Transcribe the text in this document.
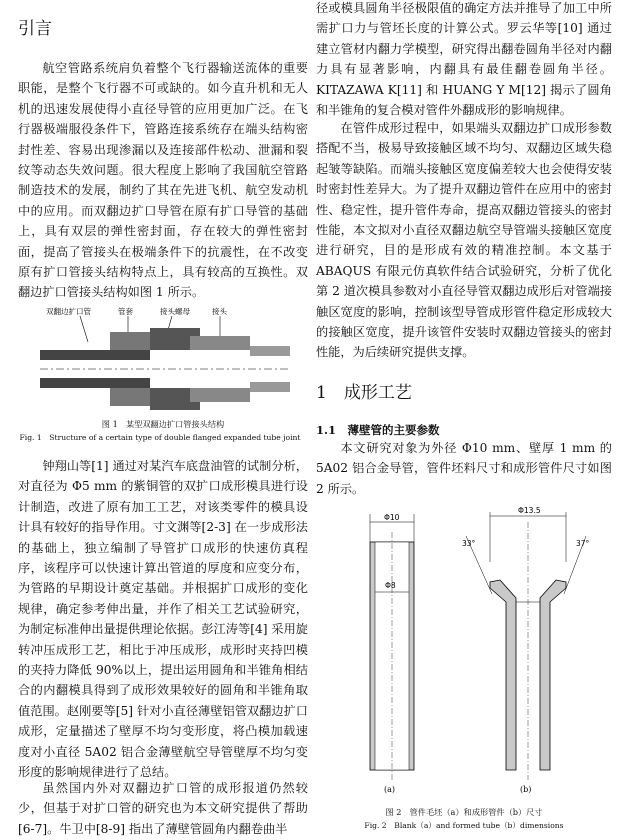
引言

航空管路系统肩负着整个飞行器输送流体的重要职能，是整个飞行器不可或缺的。如今直升机和无人机的迅速发展使得小直径导管的应用更加广泛。在飞行器极端服役条件下，管路连接系统存在端头结构密封性差、容易出现渗漏以及连接部件松动、泄漏和裂纹等动态失效问题。很大程度上影响了我国航空管路制造技术的发展，制约了其在先进飞机、航空发动机中的应用。而双翻边扩口导管在原有扩口导管的基础上，具有双层的弹性密封面，存在较大的弹性密封面，提高了管接头在极端条件下的抗震性，在不改变原有扩口管接头结构特点上，具有较高的互换性。双翻边扩口管接头结构如图 1 所示。

双翻边扩口管	管套	接头螺母	接头
图 1　某型双翻边扩口管接头结构
Fig. 1　Structure of a certain type of double flanged expanded tube joint

钟翔山等[1] 通过对某汽车底盘油管的试制分析，对直径为 Φ5 mm 的紫铜管的双扩口成形模具进行设计制造，改进了原有加工工艺，对该类零件的模具设计具有较好的指导作用。寸文渊等[2-3] 在一步成形法的基础上，独立编制了导管扩口成形的快速仿真程序，该程序可以快速计算出管道的厚度和应变分布，为管路的早期设计奠定基础。并根据扩口成形的变化规律，确定参考伸出量，并作了相关工艺试验研究，为制定标准伸出量提供理论依据。彭江涛等[4] 采用旋转冲压成形工艺，相比于冲压成形，成形时夹持凹模的夹持力降低 90%以上，提出运用圆角和半锥角相结合的内翻模具得到了成形效果较好的圆角和半锥角取值范围。赵刚要等[5] 针对小直径薄壁铝管双翻边扩口成形，定量描述了壁厚不均匀变形度，将凸模加载速度对小直径 5A02 铝合金薄壁航空导管壁厚不均匀变形度的影响规律进行了总结。

虽然国内外对双翻边扩口管的成形报道仍然较少，但基于对扩口管的研究也为本文研究提供了帮助[6-7]。牛卫中[8-9] 指出了薄壁管圆角内翻卷曲半

径或模具圆角半径极限值的确定方法并推导了加工中所需扩口力与管坯长度的计算公式。罗云华等[10] 通过建立管材内翻力学模型，研究得出翻卷圆角半径对内翻力具有显著影响，内翻具有最佳翻卷圆角半径。KITAZAWA K[11] 和 HUANG Y M[12] 揭示了圆角和半锥角的复合模对管件外翻成形的影响规律。

在管件成形过程中，如果端头双翻边扩口成形参数搭配不当，极易导致接触区域不均匀、双翻边区域失稳起皱等缺陷。而端头接触区宽度偏差较大也会使得安装时密封性差异大。为了提升双翻边管件在应用中的密封性、稳定性，提升管件寿命，提高双翻边管接头的密封性能，本文拟对小直径双翻边航空导管端头接触区宽度进行研究，目的是形成有效的精准控制。本文基于 ABAQUS 有限元仿真软件结合试验研究，分析了优化第 2 道次模具参数对小直径导管双翻边成形后对管端接触区宽度的影响，控制该型导管成形管件稳定形成较大的接触区宽度，提升该管件安装时双翻边管接头的密封性能，为后续研究提供支撑。

1　成形工艺
1.1　薄壁管的主要参数

本文研究对象为外径 Φ10 mm、壁厚 1 mm 的 5A02 铝合金导管，管件坯料尺寸和成形管件尺寸如图 2 所示。

Φ10
Φ8
Φ13.5
33°	37°
(a)	(b)
图 2　管件毛坯（a）和成形管件（b）尺寸
Fig. 2　Blank（a）and formed tube（b）dimensions
